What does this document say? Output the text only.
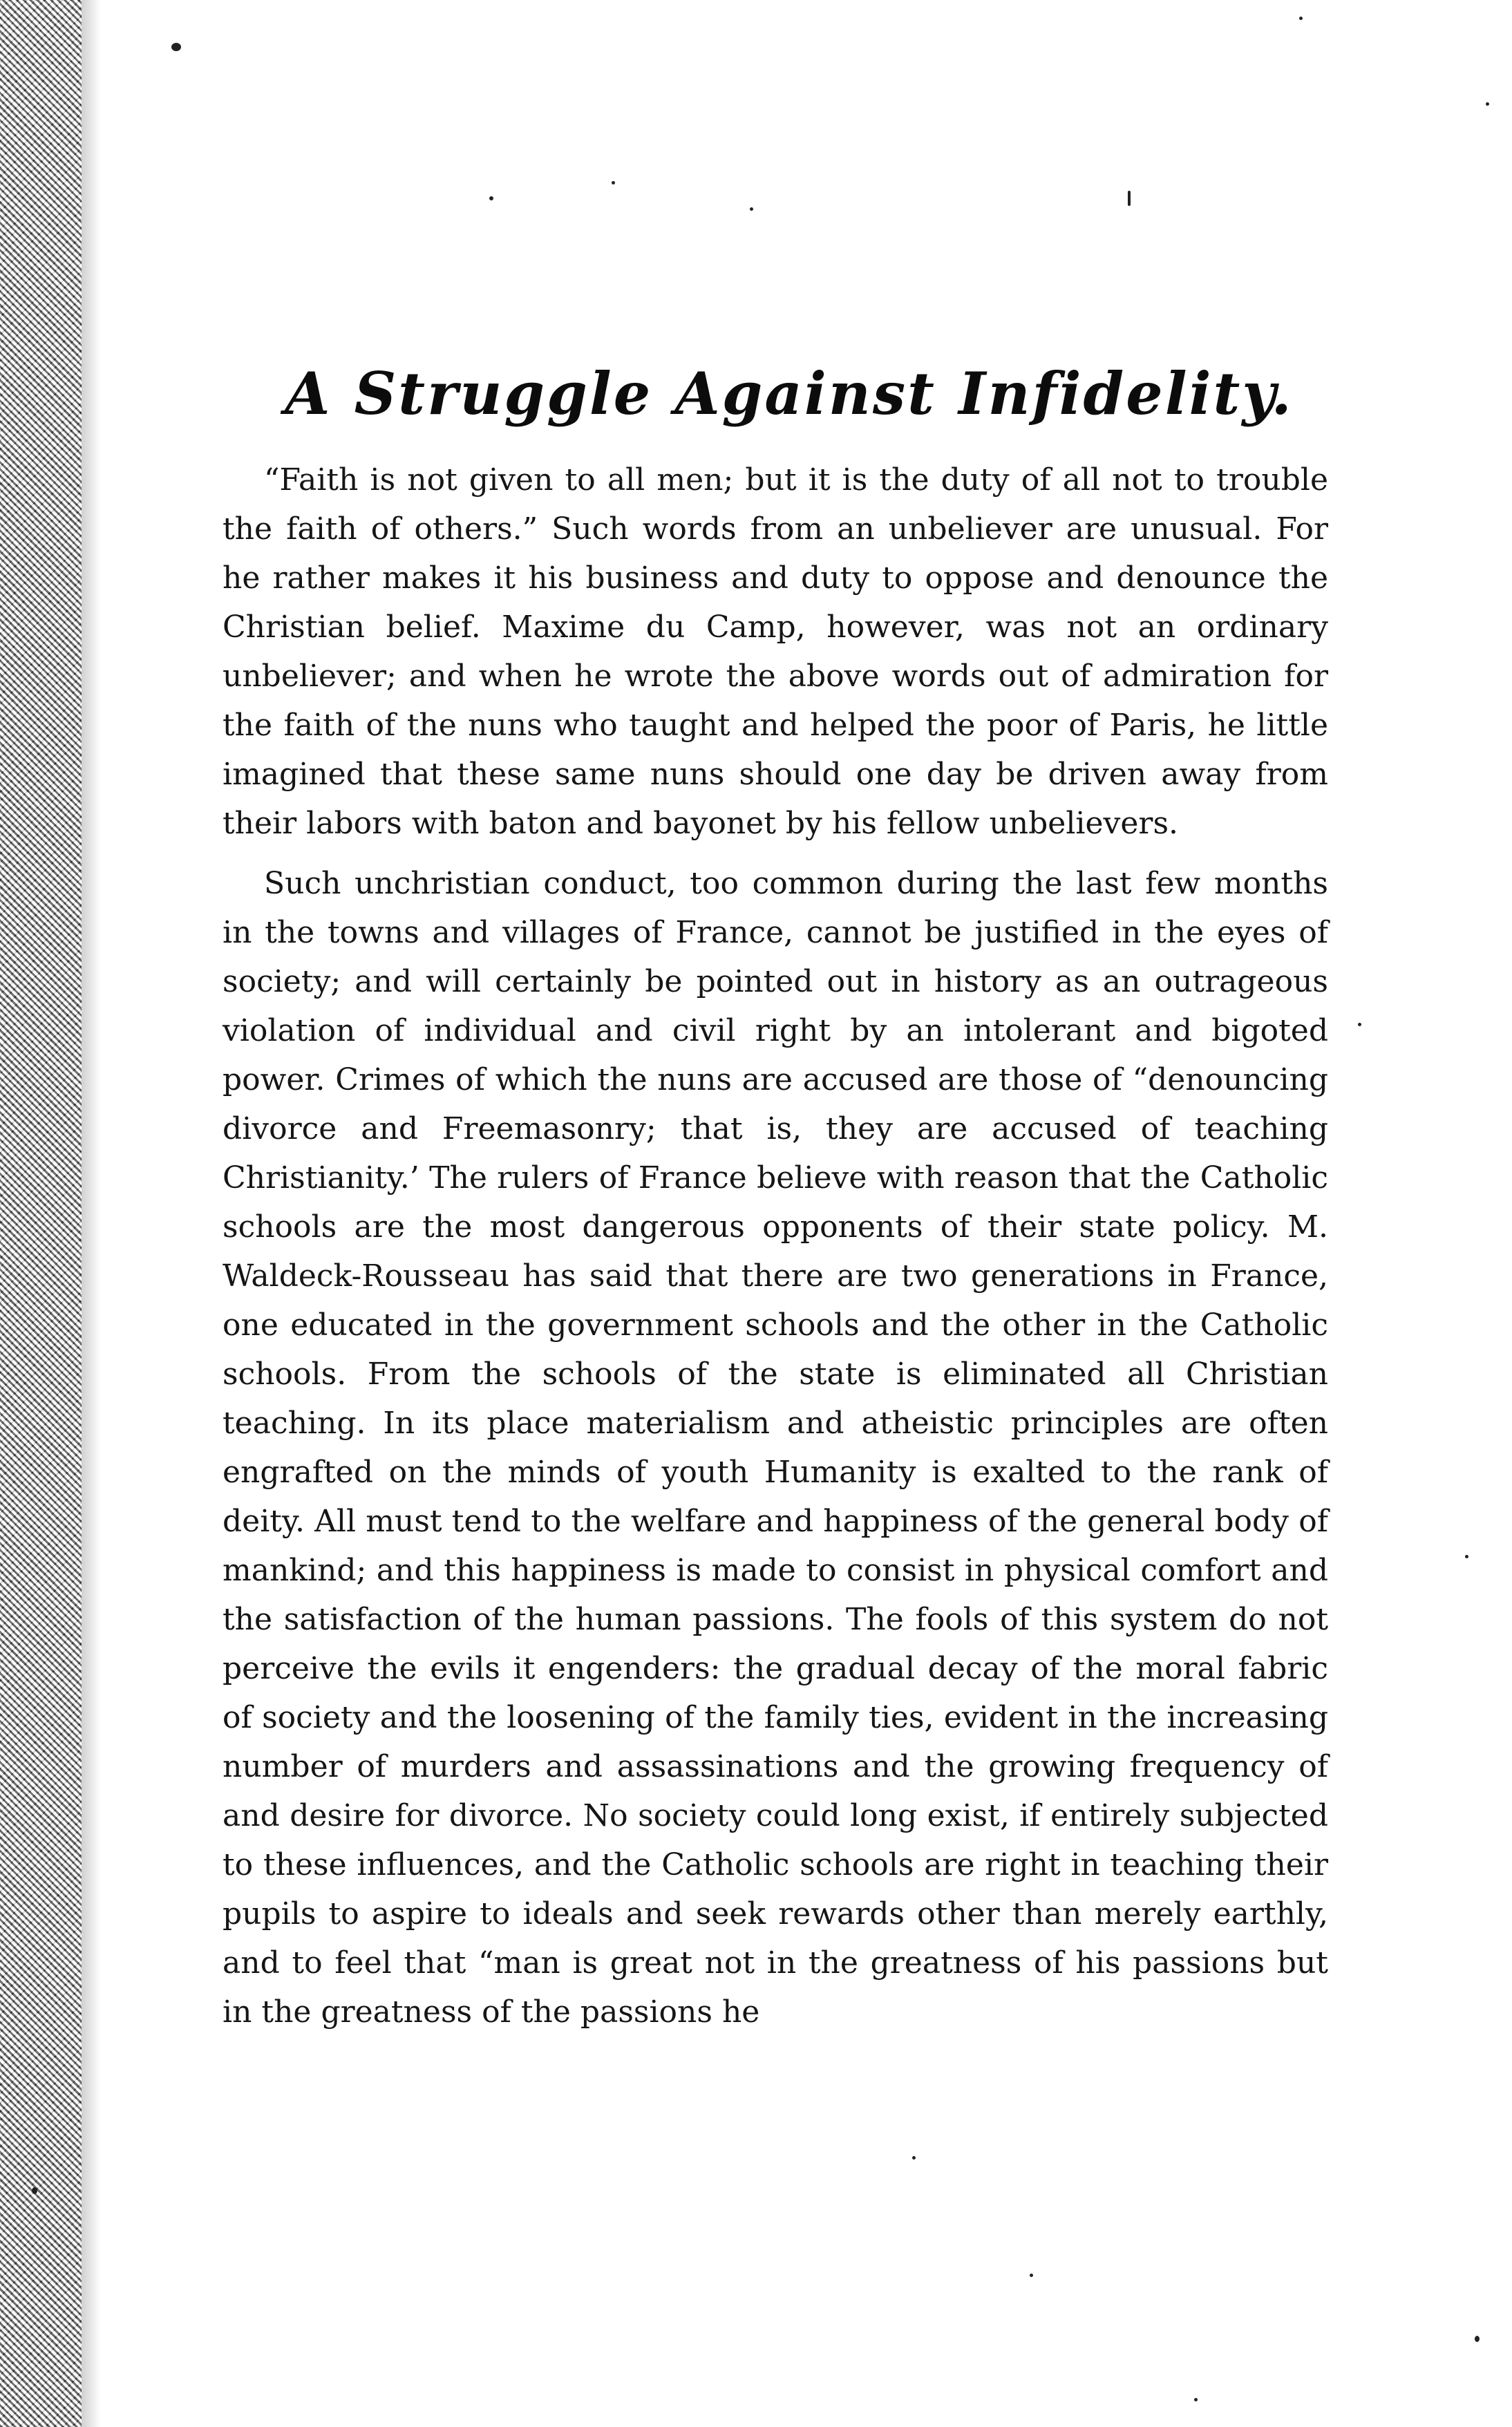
A Struggle Against Infidelity.

“Faith is not given to all men; but it is the duty of all not to trouble the faith of others.” Such words from an unbeliever are unusual. For he rather makes it his business and duty to oppose and denounce the Christian belief. Maxime du Camp, however, was not an ordinary unbeliever; and when he wrote the above words out of admiration for the faith of the nuns who taught and helped the poor of Paris, he little imagined that these same nuns should one day be driven away from their labors with baton and bayonet by his fellow unbelievers.

Such unchristian conduct, too common during the last few months in the towns and villages of France, cannot be justified in the eyes of society; and will certainly be pointed out in history as an outrageous violation of individual and civil right by an intolerant and bigoted power. Crimes of which the nuns are accused are those of “denouncing divorce and Freemasonry; that is, they are accused of teaching Christianity.’ The rulers of France believe with reason that the Catholic schools are the most dangerous opponents of their state policy. M. Waldeck-Rousseau has said that there are two generations in France, one educated in the government schools and the other in the Catholic schools. From the schools of the state is eliminated all Christian teaching. In its place materialism and atheistic principles are often engrafted on the minds of youth Humanity is exalted to the rank of deity. All must tend to the welfare and happiness of the general body of mankind; and this happiness is made to consist in physical comfort and the satisfaction of the human passions. The fools of this system do not perceive the evils it engenders: the gradual decay of the moral fabric of society and the loosening of the family ties, evident in the increasing number of murders and assassinations and the growing frequency of and desire for divorce. No society could long exist, if entirely subjected to these influences, and the Catholic schools are right in teaching their pupils to aspire to ideals and seek rewards other than merely earthly, and to feel that “man is great not in the greatness of his passions but in the greatness of the passions he
